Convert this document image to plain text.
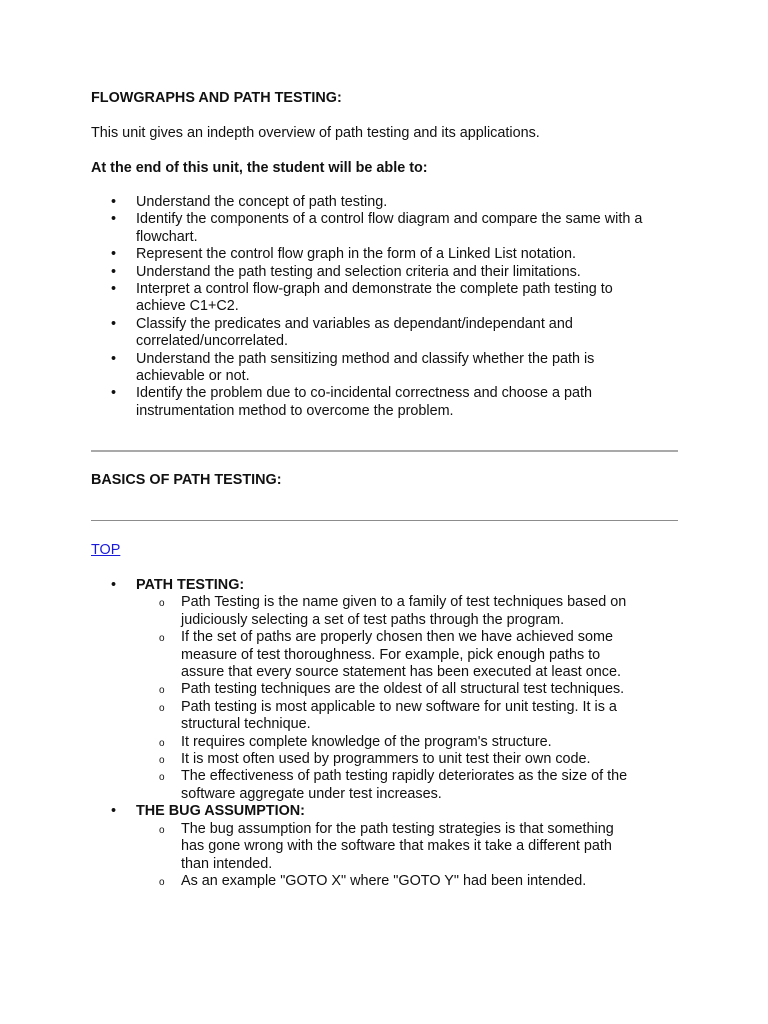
FLOWGRAPHS AND PATH TESTING:
This unit gives an indepth overview of path testing and its applications.
At the end of this unit, the student will be able to:
• Understand the concept of path testing.
• Identify the components of a control flow diagram and compare the same with a flowchart.
• Represent the control flow graph in the form of a Linked List notation.
• Understand the path testing and selection criteria and their limitations.
• Interpret a control flow-graph and demonstrate the complete path testing to achieve C1+C2.
• Classify the predicates and variables as dependant/independant and correlated/uncorrelated.
• Understand the path sensitizing method and classify whether the path is achievable or not.
• Identify the problem due to co-incidental correctness and choose a path instrumentation method to overcome the problem.
BASICS OF PATH TESTING:
TOP
• PATH TESTING:
o Path Testing is the name given to a family of test techniques based on judiciously selecting a set of test paths through the program.
o If the set of paths are properly chosen then we have achieved some measure of test thoroughness. For example, pick enough paths to assure that every source statement has been executed at least once.
o Path testing techniques are the oldest of all structural test techniques.
o Path testing is most applicable to new software for unit testing. It is a structural technique.
o It requires complete knowledge of the program's structure.
o It is most often used by programmers to unit test their own code.
o The effectiveness of path testing rapidly deteriorates as the size of the software aggregate under test increases.
• THE BUG ASSUMPTION:
o The bug assumption for the path testing strategies is that something has gone wrong with the software that makes it take a different path than intended.
o As an example "GOTO X" where "GOTO Y" had been intended.
